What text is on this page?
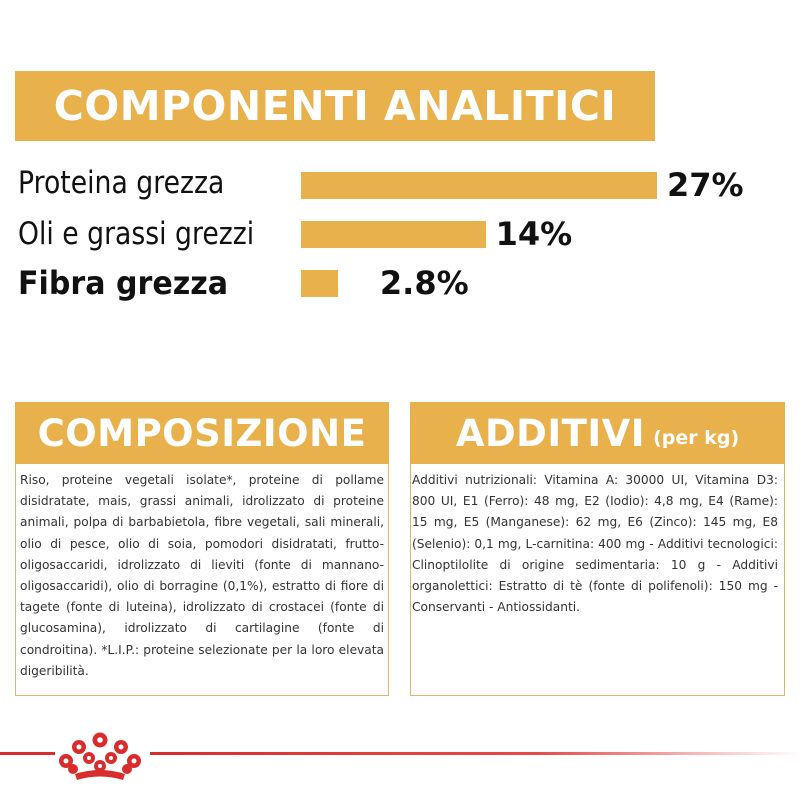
COMPONENTI ANALITICI
Proteina grezza	27%
Oli e grassi grezzi	14%
Fibra grezza	2.8%
COMPOSIZIONE
Riso, proteine vegetali isolate*, proteine di pollame disidratate, mais, grassi animali, idrolizzato di proteine animali, polpa di barbabietola, fibre vegetali, sali minerali, olio di pesce, olio di soia, pomodori disidratati, frutto-oligosaccaridi, idrolizzato di lieviti (fonte di mannano-oligosaccaridi), olio di borragine (0,1%), estratto di fiore di tagete (fonte di luteina), idrolizzato di crostacei (fonte di glucosamina), idrolizzato di cartilagine (fonte di condroitina). *L.I.P.: proteine selezionate per la loro elevata digeribilità.
ADDITIVI (per kg)
Additivi nutrizionali: Vitamina A: 30000 UI, Vitamina D3: 800 UI, E1 (Ferro): 48 mg, E2 (Iodio): 4,8 mg, E4 (Rame): 15 mg, E5 (Manganese): 62 mg, E6 (Zinco): 145 mg, E8 (Selenio): 0,1 mg, L-carnitina: 400 mg - Additivi tecnologici: Clinoptilolite di origine sedimentaria: 10 g - Additivi organolettici: Estratto di tè (fonte di polifenoli): 150 mg - Conservanti - Antiossidanti.
